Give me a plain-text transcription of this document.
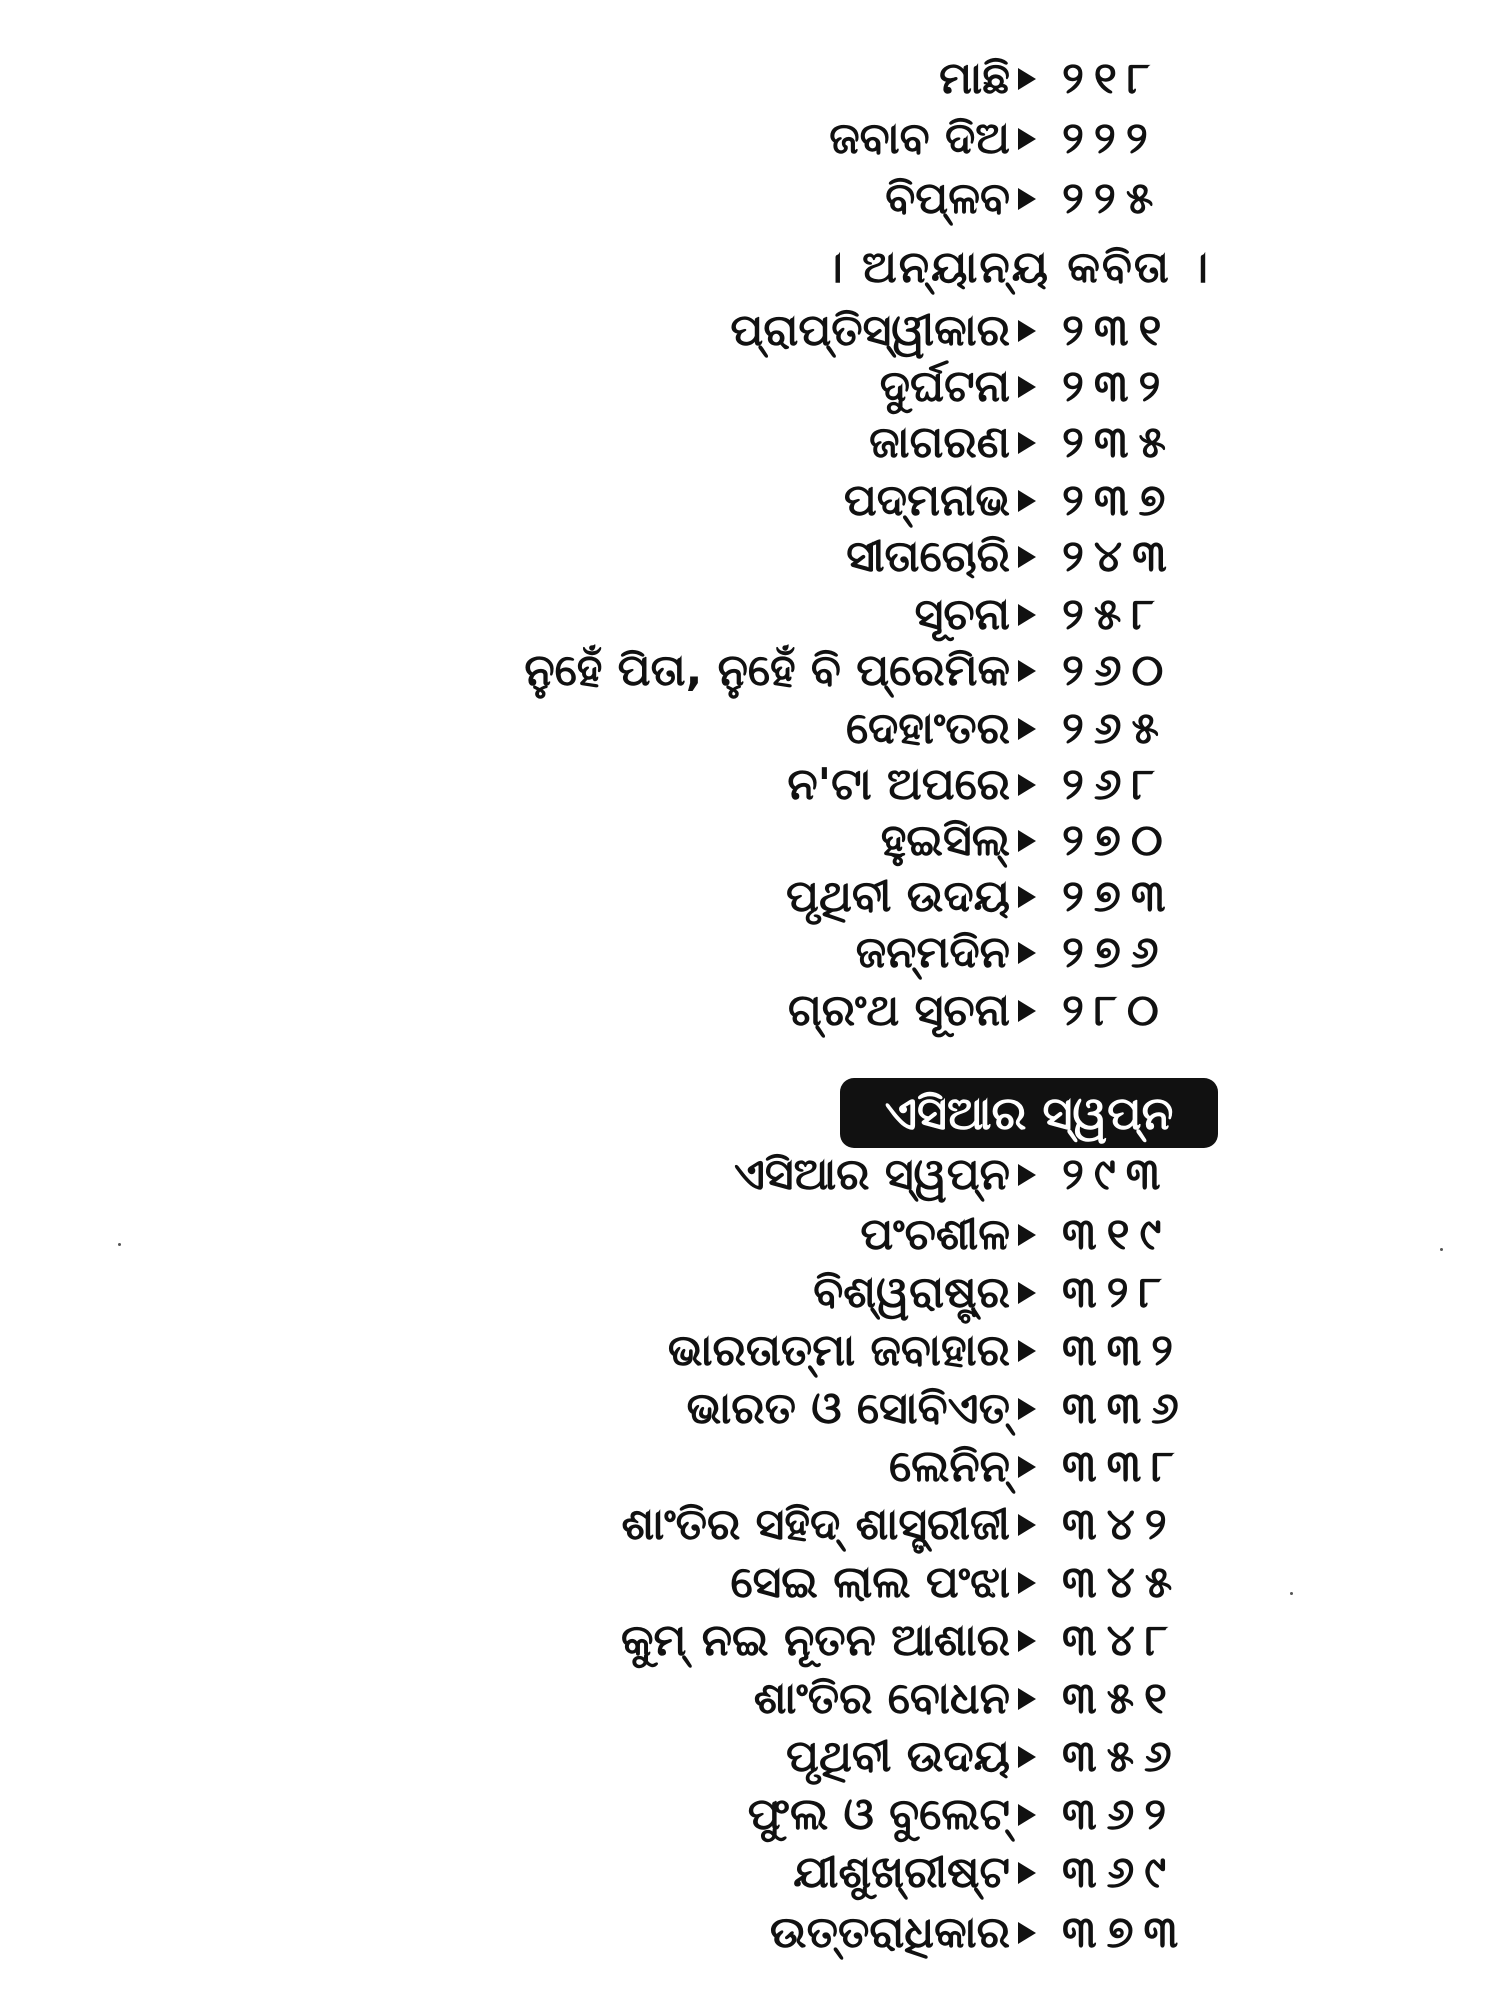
ମାଛି ୨୧୮
ଜବାବ ଦିଅ ୨୨୨
ବିପ୍ଳବ ୨୨୫
। ଅନ୍ୟାନ୍ୟ କବିତା ।
ପ୍ରାପ୍ତିସ୍ୱୀକାର ୨୩୧
ଦୁର୍ଘଟନା ୨୩୨
ଜାଗରଣ ୨୩୫
ପଦ୍ମନାଭ ୨୩୭
ସୀତାଚୋରି ୨୪୩
ସୂଚନା ୨୫୮
ନୁହେଁ ପିତା, ନୁହେଁ ବି ପ୍ରେମିକ ୨୬୦
ଦେହାଂତର ୨୬୫
ନ'ଟା ଅପରେ ୨୬୮
ହୁଇସିଲ୍ ୨୭୦
ପୃଥିବୀ ଉଦୟ ୨୭୩
ଜନ୍ମଦିନ ୨୭୬
ଗ୍ରଂଥ ସୂଚନା ୨୮୦
ଏସିଆର ସ୍ୱପ୍ନ
ଏସିଆର ସ୍ୱପ୍ନ ୨୯୩
ପଂଚଶୀଳ ୩୧୯
ବିଶ୍ୱରାଷ୍ଟ୍ର ୩୨୮
ଭାରତାତ୍ମା ଜବାହାର ୩୩୨
ଭାରତ ଓ ସୋବିଏତ୍ ୩୩୬
ଲେନିନ୍ ୩୩୮
ଶାଂତିର ସହିଦ୍ ଶାସ୍ତ୍ରୀଜୀ ୩୪୨
ସେଇ ଲାଲ ପଂଝା ୩୪୫
କୁମ୍ ନଇ ନୂତନ ଆଶାର ୩୪୮
ଶାଂତିର ବୋଧନ ୩୫୧
ପୃଥିବୀ ଉଦୟ ୩୫୬
ଫୁଲ ଓ ବୁଲେଟ୍ ୩୬୨
ଯୀଶୁଖ୍ରୀଷ୍ଟ ୩୬୯
ଉତ୍ତରାଧିକାର ୩୭୩
